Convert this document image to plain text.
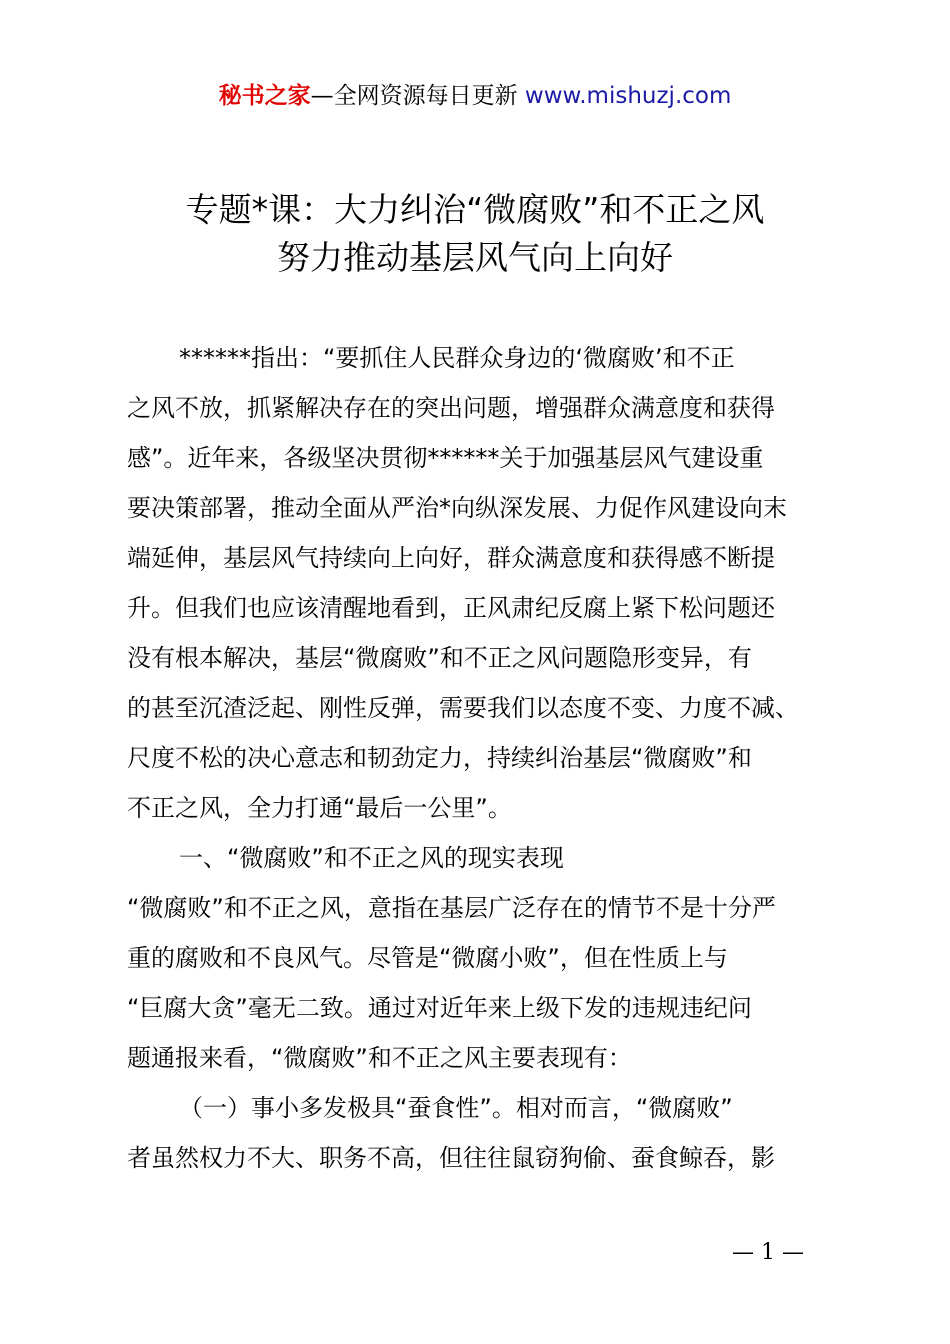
秘书之家—全网资源每日更新 www.mishuzj.com
专题*课：大力纠治“微腐败”和不正之风
努力推动基层风气向上向好
******指出：“要抓住人民群众身边的‘微腐败’和不正
之风不放，抓紧解决存在的突出问题，增强群众满意度和获得
感”。近年来，各级坚决贯彻******关于加强基层风气建设重
要决策部署，推动全面从严治*向纵深发展、力促作风建设向末
端延伸，基层风气持续向上向好，群众满意度和获得感不断提
升。但我们也应该清醒地看到，正风肃纪反腐上紧下松问题还
没有根本解决，基层“微腐败”和不正之风问题隐形变异，有
的甚至沉渣泛起、刚性反弹，需要我们以态度不变、力度不减、
尺度不松的决心意志和韧劲定力，持续纠治基层“微腐败”和
不正之风，全力打通“最后一公里”。
一、“微腐败”和不正之风的现实表现
“微腐败”和不正之风，意指在基层广泛存在的情节不是十分严
重的腐败和不良风气。尽管是“微腐小败”，但在性质上与
“巨腐大贪”毫无二致。通过对近年来上级下发的违规违纪问
题通报来看，“微腐败”和不正之风主要表现有：
（一）事小多发极具“蚕食性”。相对而言，“微腐败”
者虽然权力不大、职务不高，但往往鼠窃狗偷、蚕食鲸吞，影
— 1 —
